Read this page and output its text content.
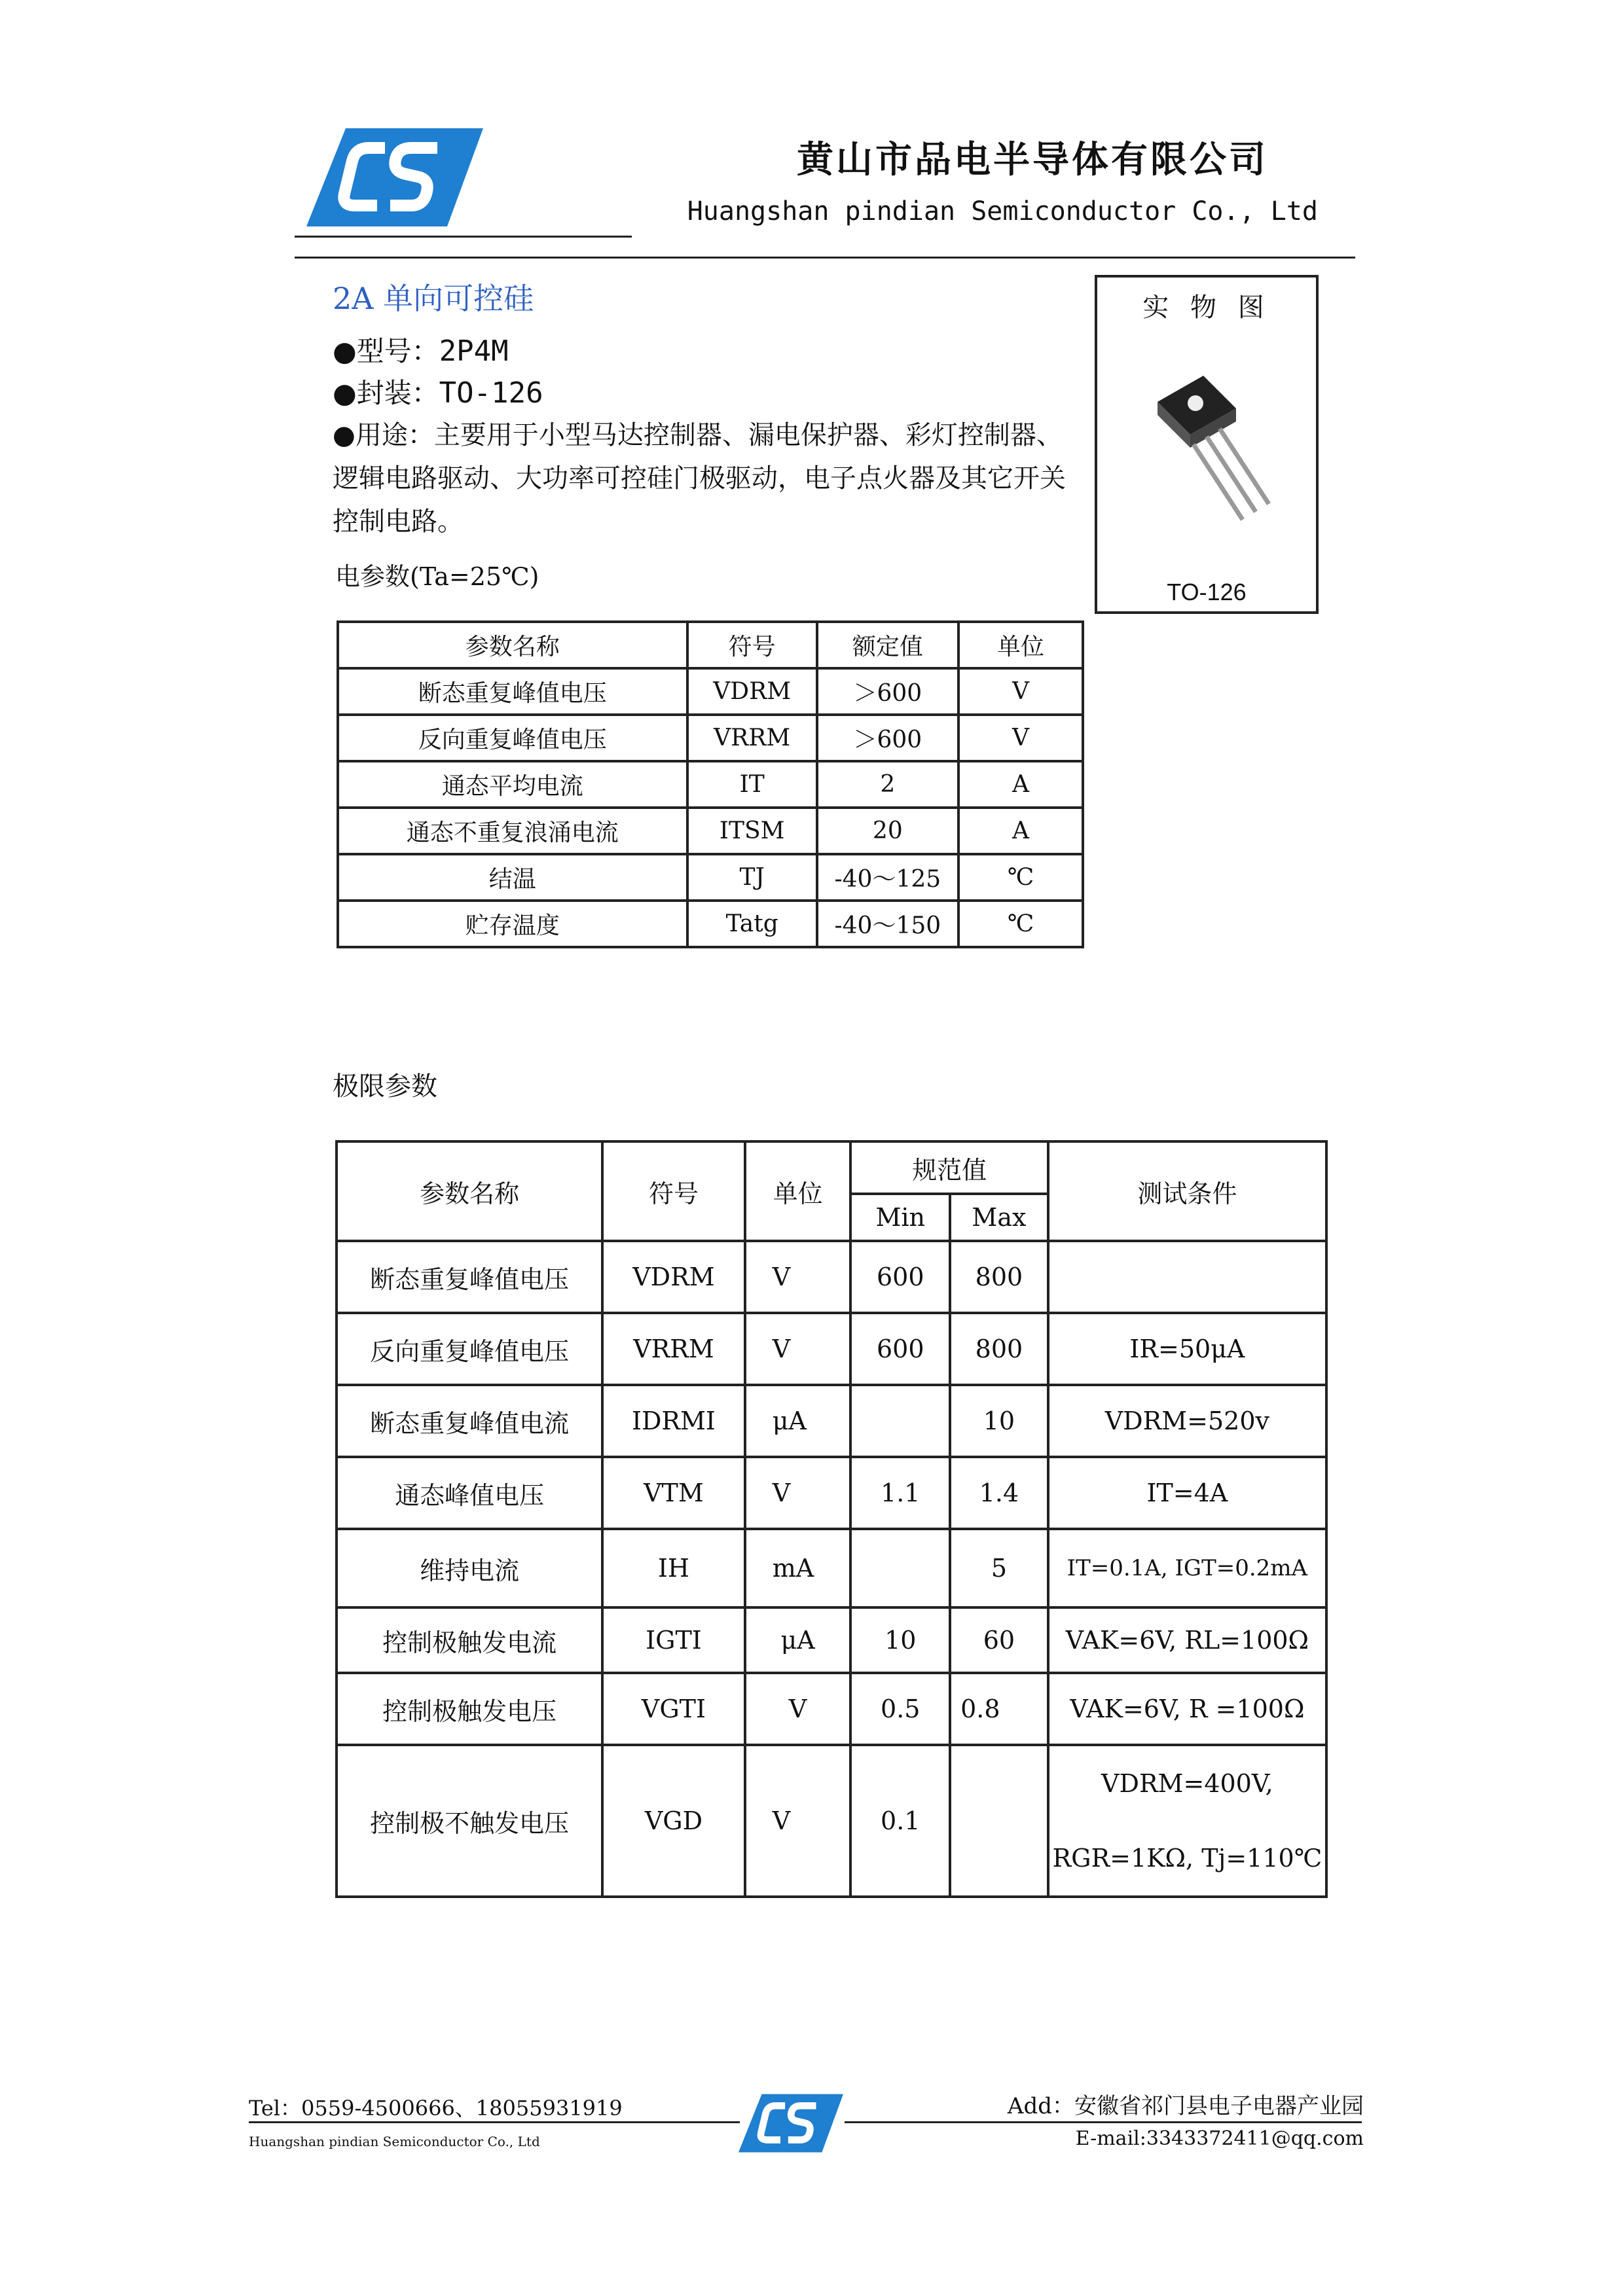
黄山市品电半导体有限公司
Huangshan pindian Semiconductor Co., Ltd
2A 单向可控硅
●型号：2P4M
●封装：TO-126
●用途：主要用于小型马达控制器、漏电保护器、彩灯控制器、逻辑电路驱动、大功率可控硅门极驱动，电子点火器及其它开关控制电路。
电参数(Ta=25℃)
实 物 图
TO-126
参数名称	符号	额定值	单位
断态重复峰值电压	VDRM	＞600	V
反向重复峰值电压	VRRM	＞600	V
通态平均电流	IT	2	A
通态不重复浪涌电流	ITSM	20	A
结温	TJ	-40～125	℃
贮存温度	Tatg	-40～150	℃
极限参数
参数名称	符号	单位	规范值		测试条件
			Min	Max	
断态重复峰值电压	VDRM	V	600	800	
反向重复峰值电压	VRRM	V	600	800	IR=50μA
断态重复峰值电流	IDRMI	μA		10	VDRM=520v
通态峰值电压	VTM	V	1.1	1.4	IT=4A
维持电流	IH	mA		5	IT=0.1A, IGT=0.2mA
控制极触发电流	IGTI	μA	10	60	VAK=6V, RL=100Ω
控制极触发电压	VGTI	V	0.5	0.8	VAK=6V, R =100Ω
控制极不触发电压	VGD	V	0.1		VDRM=400V,
RGR=1KΩ, Tj=110℃
Tel：0559-4500666、18055931919
Huangshan pindian Semiconductor Co., Ltd
Add：安徽省祁门县电子电器产业园
E-mail:3343372411@qq.com
